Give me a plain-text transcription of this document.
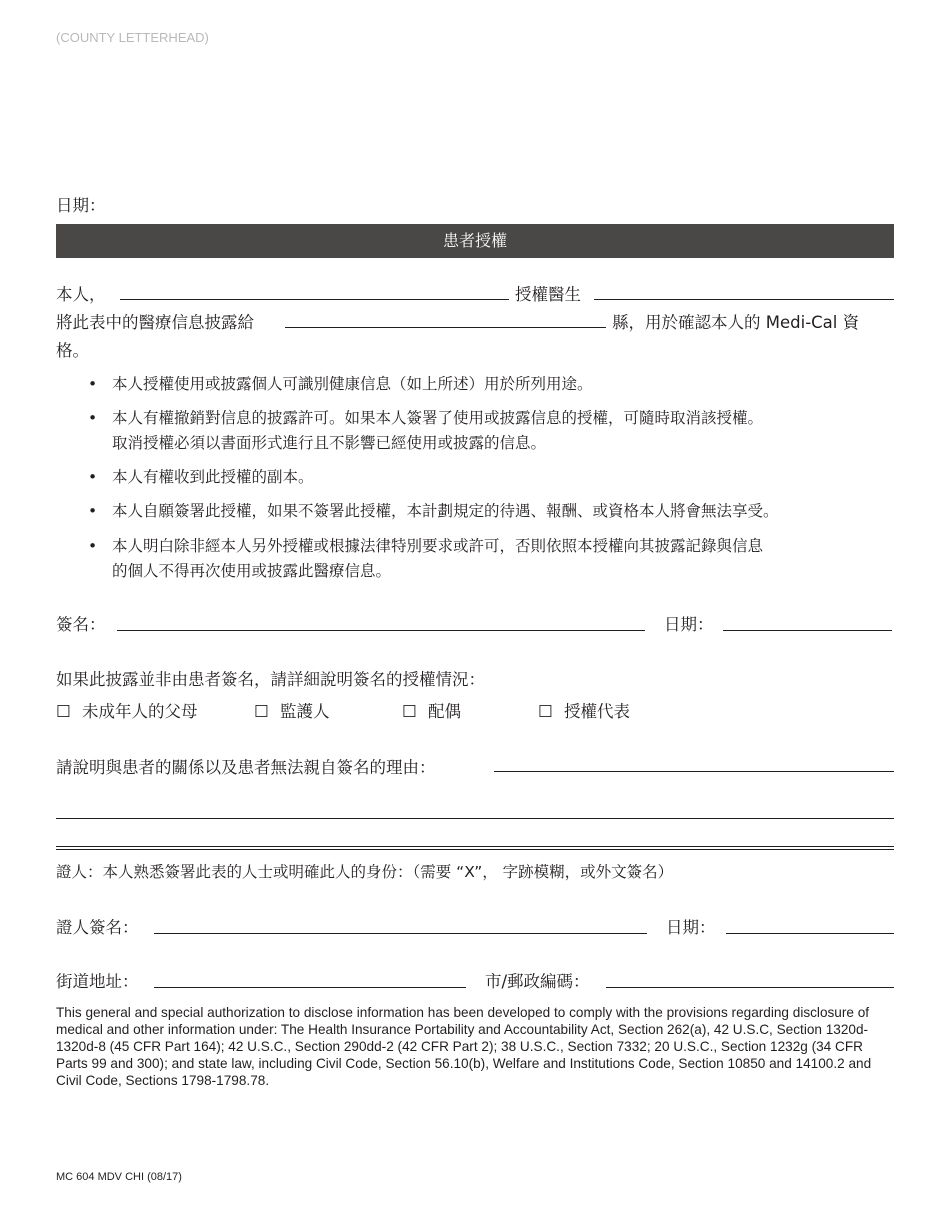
(COUNTY LETTERHEAD)
日期：
患者授權
本人，	授權醫生
將此表中的醫療信息披露給	縣，用於確認本人的 Medi-Cal 資
格。
• 本人授權使用或披露個人可識別健康信息（如上所述）用於所列用途。
• 本人有權撤銷對信息的披露許可。如果本人簽署了使用或披露信息的授權，可隨時取消該授權。
取消授權必須以書面形式進行且不影響已經使用或披露的信息。
• 本人有權收到此授權的副本。
• 本人自願簽署此授權，如果不簽署此授權，本計劃規定的待遇、報酬、或資格本人將會無法享受。
• 本人明白除非經本人另外授權或根據法律特別要求或許可，否則依照本授權向其披露記錄與信息
的個人不得再次使用或披露此醫療信息。
簽名：	日期：
如果此披露並非由患者簽名，請詳細說明簽名的授權情況：
☐ 未成年人的父母	☐ 監護人	☐ 配偶	☐ 授權代表
請說明與患者的關係以及患者無法親自簽名的理由：
證人：本人熟悉簽署此表的人士或明確此人的身份：（需要 “X”， 字跡模糊，或外文簽名）
證人簽名：	日期：
街道地址：	市/郵政編碼：
This general and special authorization to disclose information has been developed to comply with the provisions regarding disclosure of medical and other information under: The Health Insurance Portability and Accountability Act, Section 262(a), 42 U.S.C, Section 1320d-1320d-8 (45 CFR Part 164); 42 U.S.C., Section 290dd-2 (42 CFR Part 2); 38 U.S.C., Section 7332; 20 U.S.C., Section 1232g (34 CFR Parts 99 and 300); and state law, including Civil Code, Section 56.10(b), Welfare and Institutions Code, Section 10850 and 14100.2 and Civil Code, Sections 1798-1798.78.
MC 604 MDV CHI (08/17)
